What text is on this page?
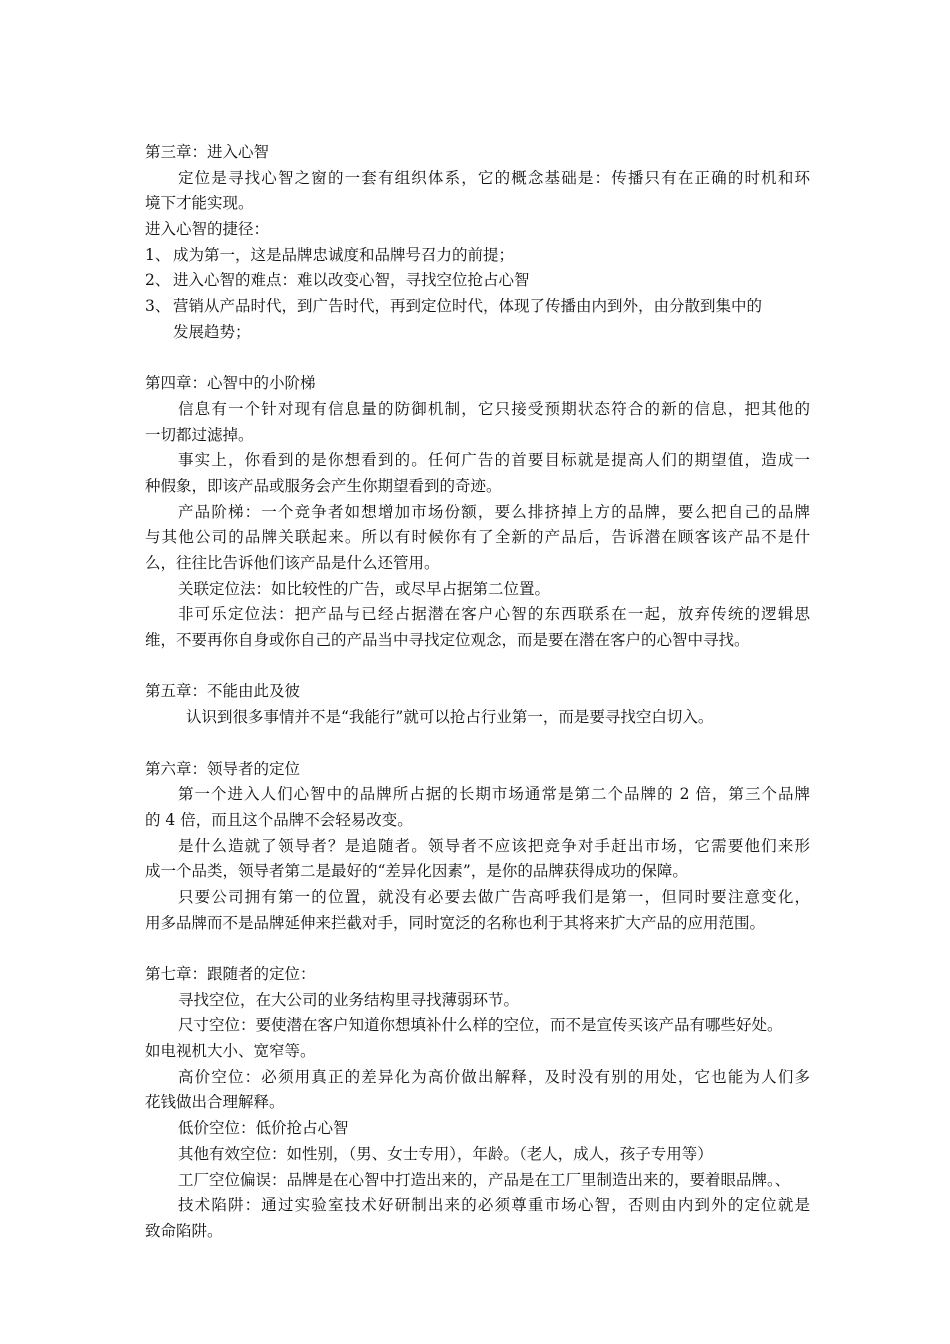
第三章：进入心智
定位是寻找心智之窗的一套有组织体系，它的概念基础是：传播只有在正确的时机和环
境下才能实现。
进入心智的捷径：
1、 成为第一，这是品牌忠诚度和品牌号召力的前提；
2、 进入心智的难点：难以改变心智，寻找空位抢占心智
3、 营销从产品时代，到广告时代，再到定位时代，体现了传播由内到外，由分散到集中的
发展趋势；
第四章：心智中的小阶梯
信息有一个针对现有信息量的防御机制，它只接受预期状态符合的新的信息，把其他的
一切都过滤掉。
事实上，你看到的是你想看到的。任何广告的首要目标就是提高人们的期望值，造成一
种假象，即该产品或服务会产生你期望看到的奇迹。
产品阶梯：一个竞争者如想增加市场份额，要么排挤掉上方的品牌，要么把自己的品牌
与其他公司的品牌关联起来。所以有时候你有了全新的产品后，告诉潜在顾客该产品不是什
么，往往比告诉他们该产品是什么还管用。
关联定位法：如比较性的广告，或尽早占据第二位置。
非可乐定位法：把产品与已经占据潜在客户心智的东西联系在一起，放弃传统的逻辑思
维，不要再你自身或你自己的产品当中寻找定位观念，而是要在潜在客户的心智中寻找。
第五章：不能由此及彼
认识到很多事情并不是“我能行”就可以抢占行业第一，而是要寻找空白切入。
第六章：领导者的定位
第一个进入人们心智中的品牌所占据的长期市场通常是第二个品牌的 2 倍，第三个品牌
的 4 倍，而且这个品牌不会轻易改变。
是什么造就了领导者？是追随者。领导者不应该把竞争对手赶出市场，它需要他们来形
成一个品类，领导者第二是最好的“差异化因素”，是你的品牌获得成功的保障。
只要公司拥有第一的位置，就没有必要去做广告高呼我们是第一，但同时要注意变化，
用多品牌而不是品牌延伸来拦截对手，同时宽泛的名称也利于其将来扩大产品的应用范围。
第七章：跟随者的定位：
寻找空位，在大公司的业务结构里寻找薄弱环节。
尺寸空位：要使潜在客户知道你想填补什么样的空位，而不是宣传买该产品有哪些好处。
如电视机大小、宽窄等。
高价空位：必须用真正的差异化为高价做出解释，及时没有别的用处，它也能为人们多
花钱做出合理解释。
低价空位：低价抢占心智
其他有效空位：如性别，（男、女士专用），年龄。（老人，成人，孩子专用等）
工厂空位偏误：品牌是在心智中打造出来的，产品是在工厂里制造出来的，要着眼品牌。、
技术陷阱：通过实验室技术好研制出来的必须尊重市场心智，否则由内到外的定位就是
致命陷阱。
